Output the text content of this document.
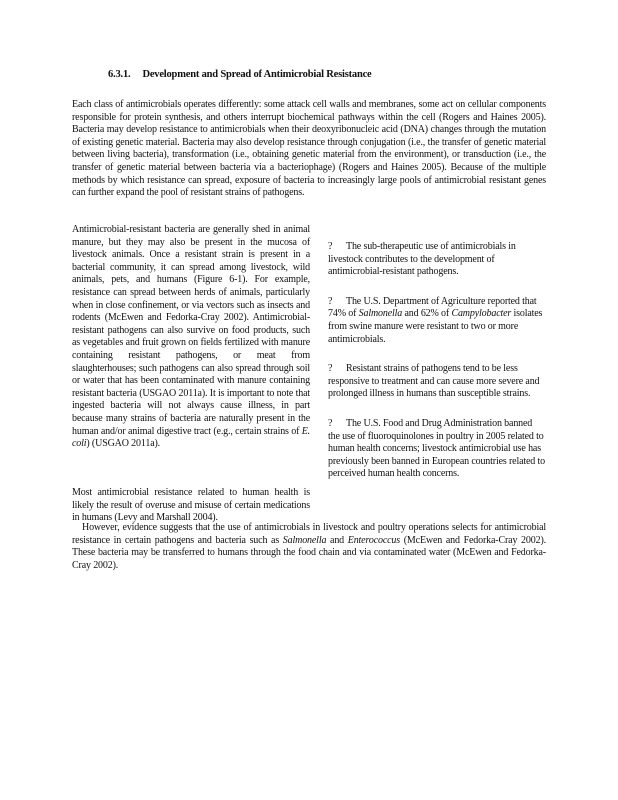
6.3.1. Development and Spread of Antimicrobial Resistance

Each class of antimicrobials operates differently: some attack cell walls and membranes, some act on cellular components responsible for protein synthesis, and others interrupt biochemical pathways within the cell (Rogers and Haines 2005). Bacteria may develop resistance to antimicrobials when their deoxyribonucleic acid (DNA) changes through the mutation of existing genetic material. Bacteria may also develop resistance through conjugation (i.e., the transfer of genetic material between living bacteria), transformation (i.e., obtaining genetic material from the environment), or transduction (i.e., the transfer of genetic material between bacteria via a bacteriophage) (Rogers and Haines 2005). Because of the multiple methods by which resistance can spread, exposure of bacteria to increasingly large pools of antimicrobial resistant genes can further expand the pool of resistant strains of pathogens.

Antimicrobial-resistant bacteria are generally shed in animal manure, but they may also be present in the mucosa of livestock animals. Once a resistant strain is present in a bacterial community, it can spread among livestock, wild animals, pets, and humans (Figure 6-1). For example, resistance can spread between herds of animals, particularly when in close confinement, or via vectors such as insects and rodents (McEwen and Fedorka-Cray 2002). Antimicrobial-resistant pathogens can also survive on food products, such as vegetables and fruit grown on fields fertilized with manure containing resistant pathogens, or meat from slaughterhouses; such pathogens can also spread through soil or water that has been contaminated with manure containing resistant bacteria (USGAO 2011a). It is important to note that ingested bacteria will not always cause illness, in part because many strains of bacteria are naturally present in the human and/or animal digestive tract (e.g., certain strains of E. coli) (USGAO 2011a).

Most antimicrobial resistance related to human health is likely the result of overuse and misuse of certain medications in humans (Levy and Marshall 2004).

However, evidence suggests that the use of antimicrobials in livestock and poultry operations selects for antimicrobial resistance in certain pathogens and bacteria such as Salmonella and Enterococcus (McEwen and Fedorka-Cray 2002). These bacteria may be transferred to humans through the food chain and via contaminated water (McEwen and Fedorka-Cray 2002).

? The sub-therapeutic use of antimicrobials in livestock contributes to the development of antimicrobial-resistant pathogens.
? The U.S. Department of Agriculture reported that 74% of Salmonella and 62% of Campylobacter isolates from swine manure were resistant to two or more antimicrobials.
? Resistant strains of pathogens tend to be less responsive to treatment and can cause more severe and prolonged illness in humans than susceptible strains.
? The U.S. Food and Drug Administration banned the use of fluoroquinolones in poultry in 2005 related to human health concerns; livestock antimicrobial use has previously been banned in European countries related to perceived human health concerns.
